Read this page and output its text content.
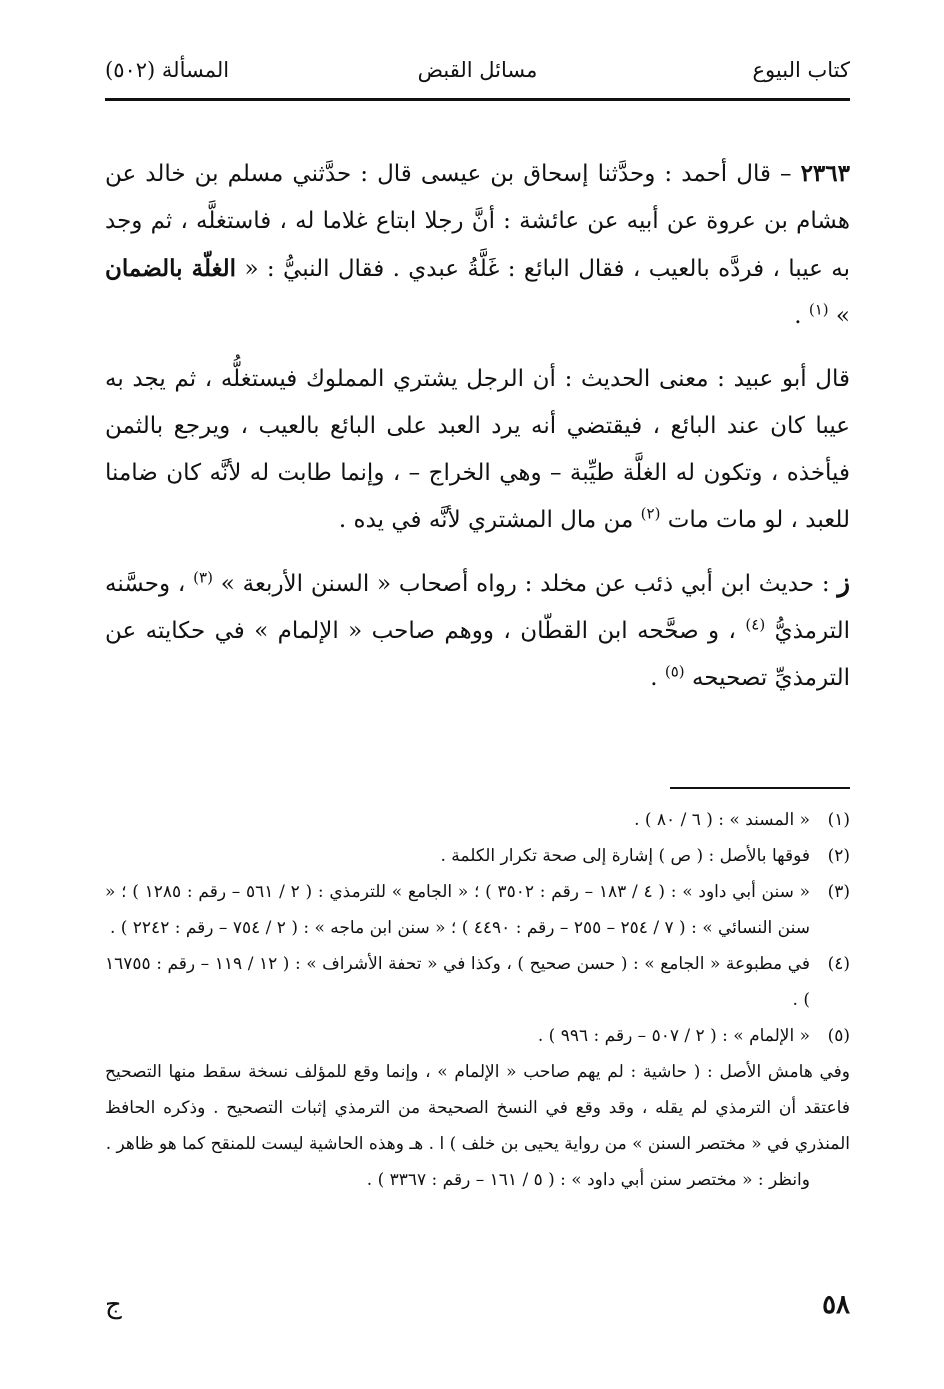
كتاب البيوع
مسائل القبض
المسألة (٥٠٢)

٢٣٦٣ – قال أحمد : وحدَّثنا إسحاق بن عيسى قال : حدَّثني مسلم بن خالد عن هشام بن عروة عن أبيه عن عائشة : أنَّ رجلا ابتاع غلاما له ، فاستغلَّه ، ثم وجد به عيبا ، فردَّه بالعيب ، فقال البائع : غَلَّةُ عبدي . فقال النبيُّ : « الغلّة بالضمان » $^{(١)}$ .

قال أبو عبيد : معنى الحديث : أن الرجل يشتري المملوك فيستغلُّه ، ثم يجد به عيبا كان عند البائع ، فيقتضي أنه يرد العبد على البائع بالعيب ، ويرجع بالثمن فيأخذه ، وتكون له الغلَّة طيِّبة – وهي الخراج – ، وإنما طابت له لأنَّه كان ضامنا للعبد ، لو مات مات $^{(٢)}$ من مال المشتري لأنَّه في يده .

ز : حديث ابن أبي ذئب عن مخلد : رواه أصحاب « السنن الأربعة » $^{(٣)}$ ، وحسَّنه الترمذيُّ $^{(٤)}$ ، و صحَّحه ابن القطّان ، ووهم صاحب « الإلمام » في حكايته عن الترمذيِّ تصحيحه $^{(٥)}$ .

(١)« المسند » : ( ٦ / ٨٠ ) .

(٢)فوقها بالأصل : ( ص ) إشارة إلى صحة تكرار الكلمة .

(٣)« سنن أبي داود » : ( ٤ / ١٨٣ – رقم : ٣٥٠٢ ) ؛ « الجامع » للترمذي : ( ٢ / ٥٦١ – رقم : ١٢٨٥ ) ؛ « سنن النسائي » : ( ٧ / ٢٥٤ – ٢٥٥ – رقم : ٤٤٩٠ ) ؛ « سنن ابن ماجه » : ( ٢ / ٧٥٤ – رقم : ٢٢٤٢ ) .

(٤)في مطبوعة « الجامع » : ( حسن صحيح ) ، وكذا في « تحفة الأشراف » : ( ١٢ / ١١٩ – رقم : ١٦٧٥٥ ) .

(٥)« الإلمام » : ( ٢ / ٥٠٧ – رقم : ٩٩٦ ) .

وفي هامش الأصل : ( حاشية : لم يهم صاحب « الإلمام » ، وإنما وقع للمؤلف نسخة سقط منها التصحيح فاعتقد أن الترمذي لم يقله ، وقد وقع في النسخ الصحيحة من الترمذي إثبات التصحيح . وذكره الحافظ المنذري في « مختصر السنن » من رواية يحيى بن خلف ) ا . هـ وهذه الحاشية ليست للمنقح كما هو ظاهر .

وانظر : « مختصر سنن أبي داود » : ( ٥ / ١٦١ – رقم : ٣٣٦٧ ) .

٥٨
ج
